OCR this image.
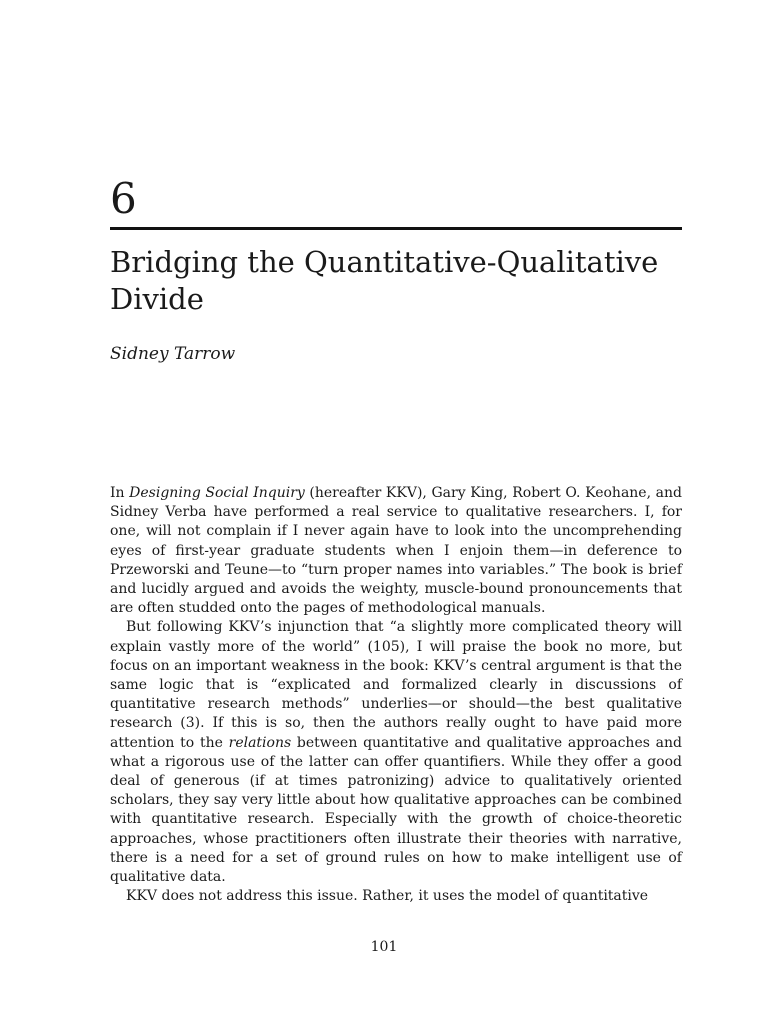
6
Bridging the Quantitative-Qualitative Divide
Sidney Tarrow

In Designing Social Inquiry (hereafter KKV), Gary King, Robert O. Keohane, and Sidney Verba have performed a real service to qualitative researchers. I, for one, will not complain if I never again have to look into the uncomprehending eyes of first-year graduate students when I enjoin them—in deference to Przeworski and Teune—to “turn proper names into variables.” The book is brief and lucidly argued and avoids the weighty, muscle-bound pronouncements that are often studded onto the pages of methodological manuals.

But following KKV’s injunction that “a slightly more complicated theory will explain vastly more of the world” (105), I will praise the book no more, but focus on an important weakness in the book: KKV’s central argument is that the same logic that is “explicated and formalized clearly in discussions of quantitative research methods” underlies—or should—the best qualitative research (3). If this is so, then the authors really ought to have paid more attention to the relations between quantitative and qualitative approaches and what a rigorous use of the latter can offer quantifiers. While they offer a good deal of generous (if at times patronizing) advice to qualitatively oriented scholars, they say very little about how qualitative approaches can be combined with quantitative research. Especially with the growth of choice-theoretic approaches, whose practitioners often illustrate their theories with narrative, there is a need for a set of ground rules on how to make intelligent use of qualitative data.

KKV does not address this issue. Rather, it uses the model of quantitative

101
